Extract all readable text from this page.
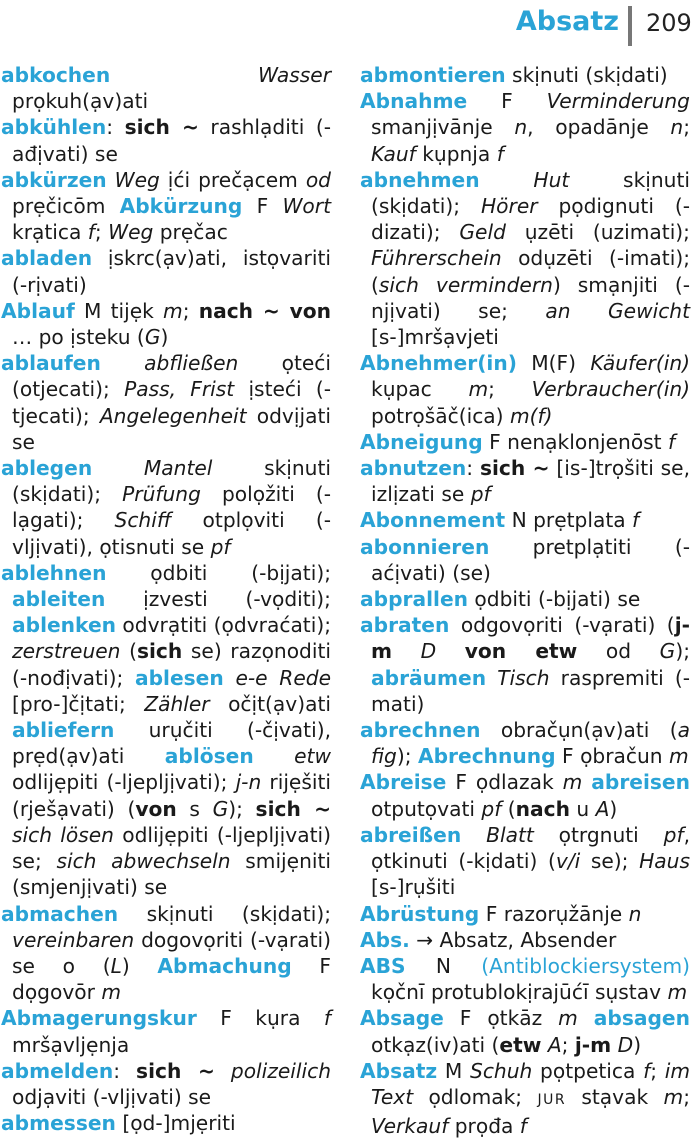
Absatz 209

abkochen	Wasser prọkuh(ạv)ati

abkühlen: sich ~ rashlạditi (-ađịvati) se

abkürzen Weg ịći prečạcem od prẹčicōm Abkürzung F Wort krạtica f; Weg prẹčac

abladen ịskrc(ạv)ati, istọvariti (-rịvati)

Ablauf M tijẹk m; nach ~ von … po ịsteku (G)

ablaufen abfließen ọteći (otjecati); Pass, Frist ịsteći (-tjecati); Angelegenheit odvịjati se

ablegen	Mantel skịnuti (skịdati); Prüfung polọžiti (-lạgati); Schiff otplọviti (-vljịvati), ọtisnuti se pf

ablehnen ọdbiti (-bịjati); ableiten ịzvesti (-vọditi); ablenken odvrạtiti (ọdvraćati); zerstreuen (sich se) razọnoditi (-nođịvati); ablesen e-e Rede [pro-]čịtati; Zähler očịt(ạv)ati abliefern urụčiti (-čịvati), prẹd(ạv)ati ablösen etw odlijẹpiti (-ljepljịvati); j-n rijẹšiti (rješạvati) (von s G); sich ~ sich lösen odlijẹpiti (-ljepljịvati) se; sich abwechseln smijẹniti (smjenjịvati) se

abmachen skịnuti (skịdati); vereinbaren dogovọriti (-vạrati) se o (L) Abmachung F dọgovōr m

Abmagerungskur F kụra f mršạvljẹnja

abmelden: sich ~ polizeilich odjạviti (-vljịvati) se

abmessen [ọd-]mjẹriti

abmontieren skịnuti (skịdati)

Abnahme F Verminderung smanjịvānje n, opadānje n; Kauf kụpnja f

abnehmen	Hut skịnuti (skịdati); Hörer pọdignuti (-dizati); Geld ụzēti (uzimati); Führerschein odụzēti (-imati); (sich vermindern) smạnjiti (-njịvati) se; an Gewicht [s-]mršạvjeti

Abnehmer(in) M(F) Käufer(in) kụpac m; Verbraucher(in) potrọšāč(ica) m(f)

Abneigung F nenạklonjenōst f

abnutzen: sich ~ [is-]trọšiti se, izlịzati se pf

Abonnement N prẹtplata f

abonnieren pretplạtiti (-aćịvati) (se)

abprallen ọdbiti (-bịjati) se

abraten odgovọriti (-vạrati) (j-m D von etw od G); abräumen Tisch raspremiti (-mati)

abrechnen obračụn(ạv)ati (a fig); Abrechnung F ọbračun m

Abreise F ọdlazak m abreisen otputọvati pf (nach u A)

abreißen Blatt ọtrgnuti pf, ọtkinuti (-kịdati) (v/i se); Haus [s-]rụšiti

Abrüstung F razorụžānje n

Abs. → Absatz, Absender

ABS N (Antiblockiersystem) kọčnī protublokịrajūćī sụstav m

Absage F ọtkāz m absagen otkạz(iv)ati (etw A; j-m D)

Absatz M Schuh pọtpetica f; im Text ọdlomak; JUR stạvak m; Verkauf prọđa f
